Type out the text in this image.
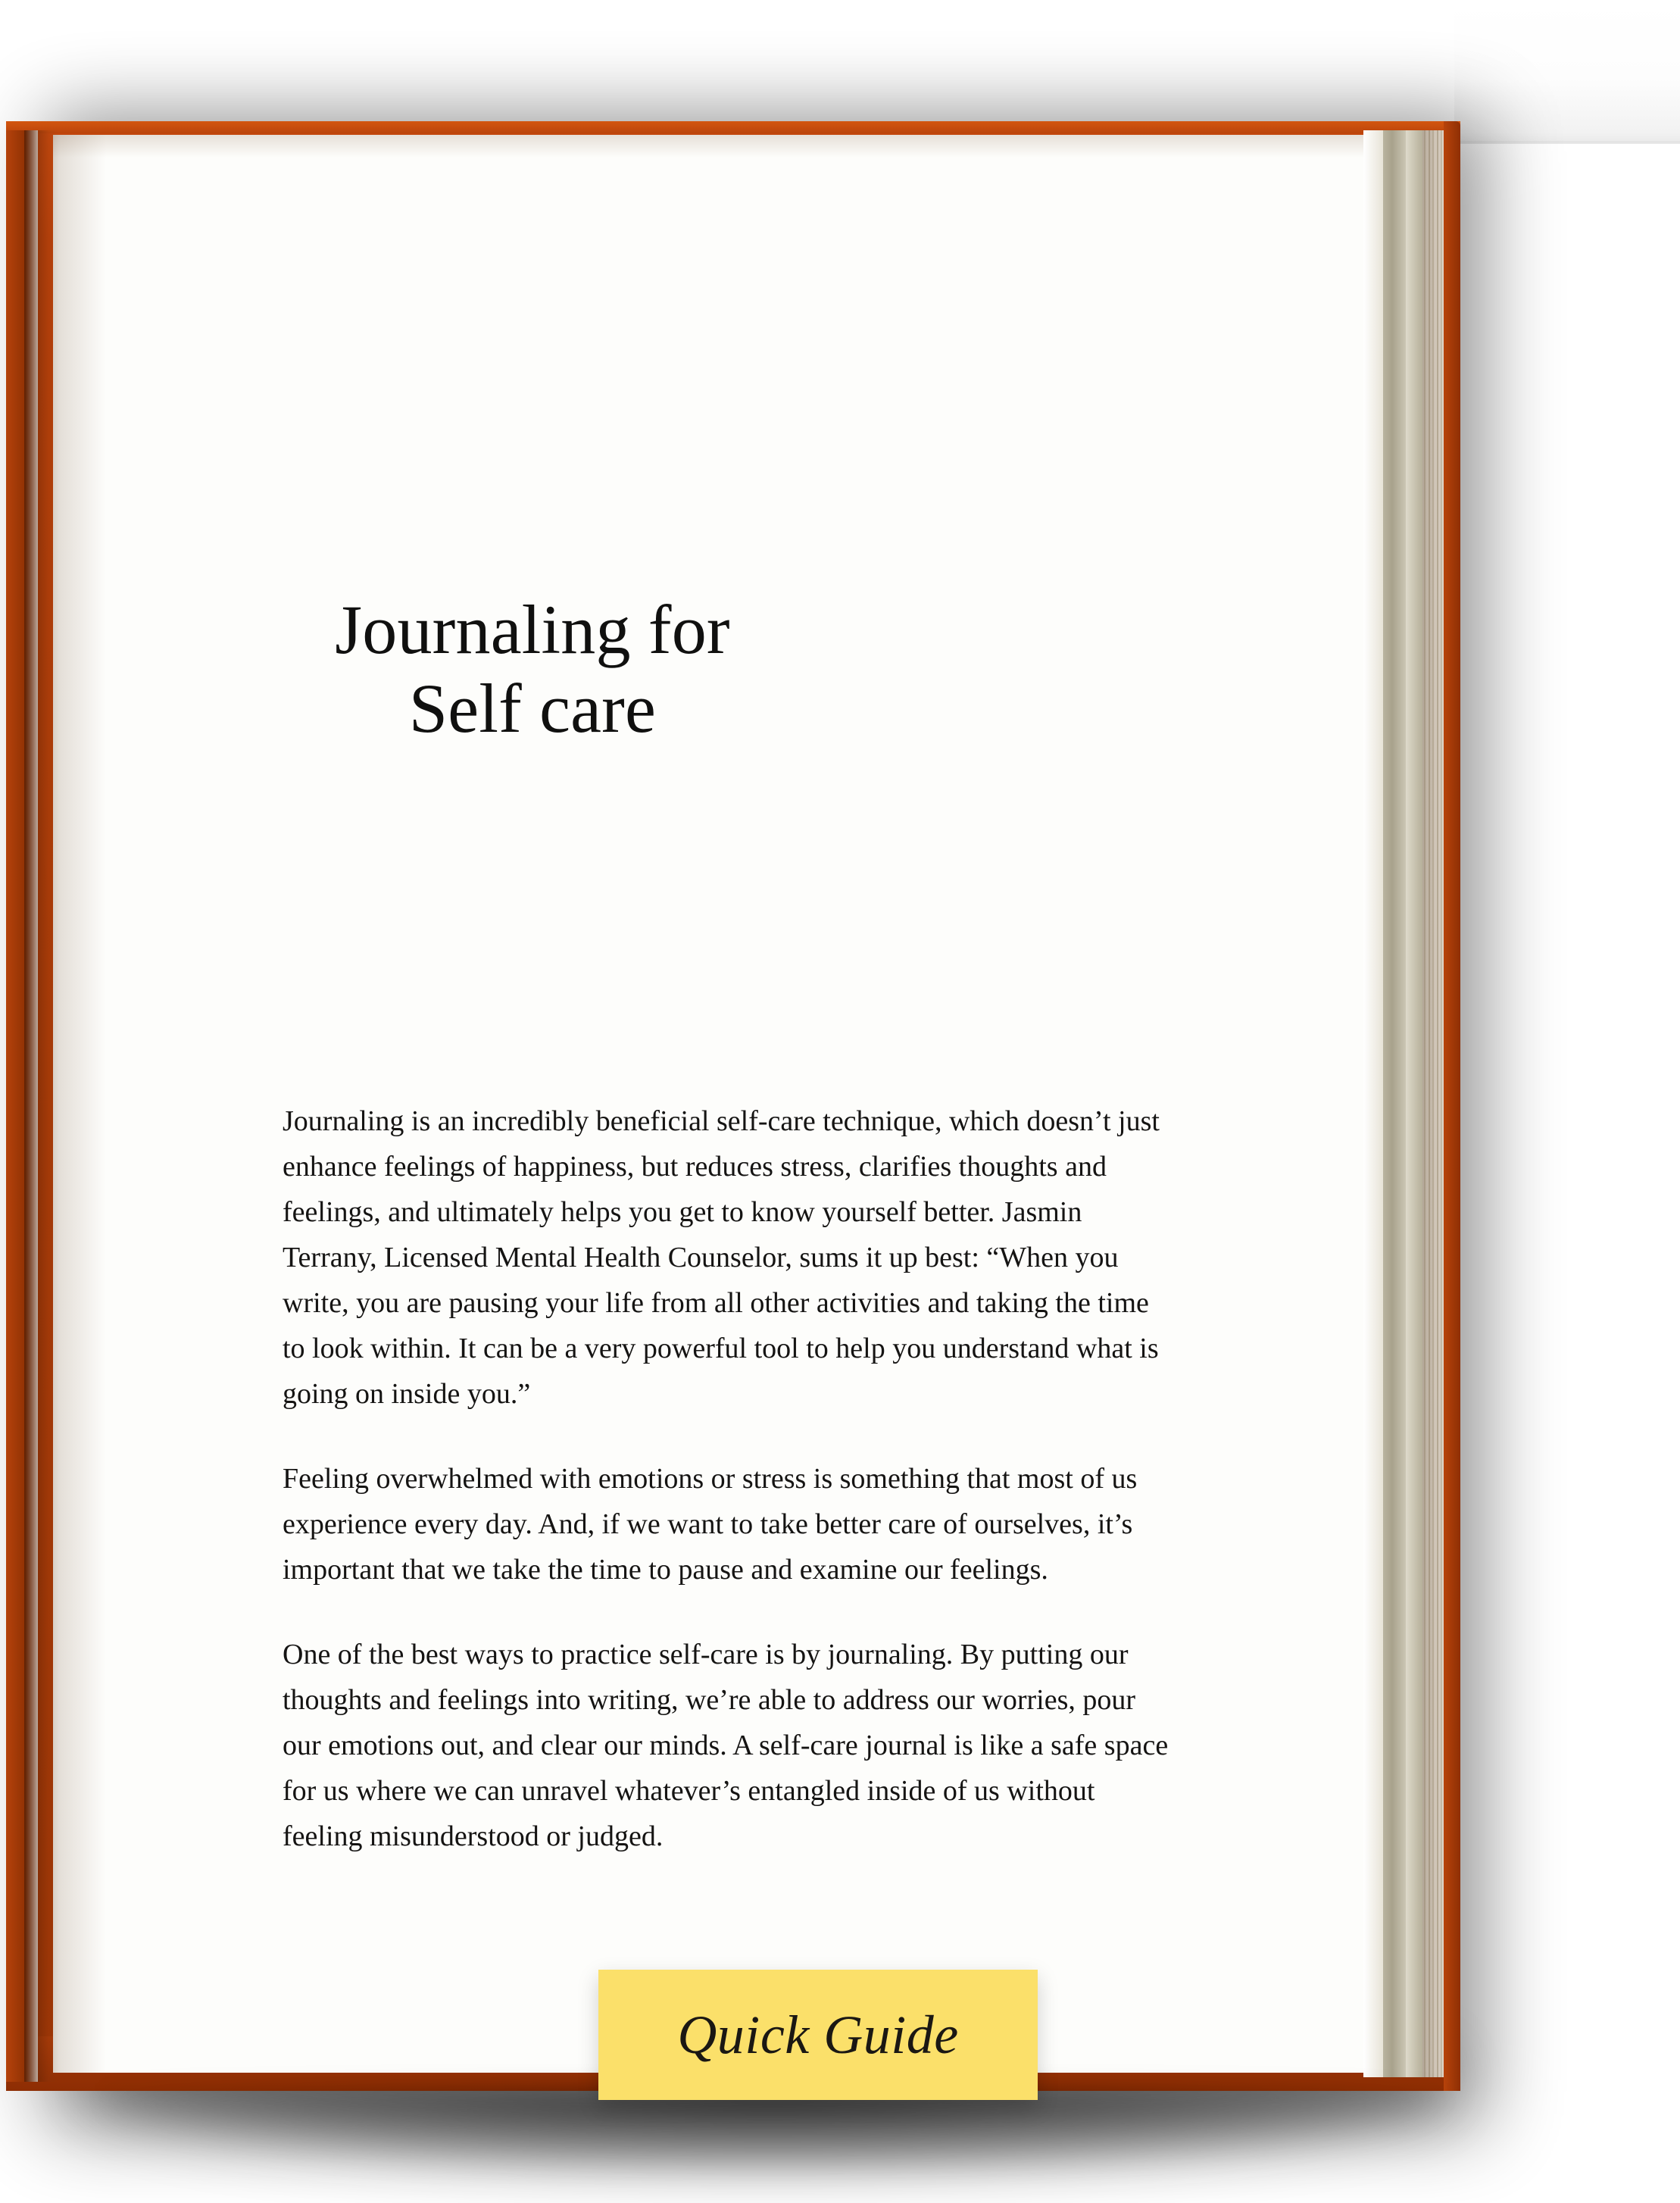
Journaling for
Self care

Journaling is an incredibly beneficial self-care technique, which doesn’t just enhance feelings of happiness, but reduces stress, clarifies thoughts and feelings, and ultimately helps you get to know yourself better. Jasmin Terrany, Licensed Mental Health Counselor, sums it up best: “When you write, you are pausing your life from all other activities and taking the time to look within. It can be a very powerful tool to help you understand what is going on inside you.”

Feeling overwhelmed with emotions or stress is something that most of us experience every day. And, if we want to take better care of ourselves, it’s important that we take the time to pause and examine our feelings.

One of the best ways to practice self-care is by journaling. By putting our thoughts and feelings into writing, we’re able to address our worries, pour our emotions out, and clear our minds. A self-care journal is like a safe space for us where we can unravel whatever’s entangled inside of us without feeling misunderstood or judged.

Quick Guide
